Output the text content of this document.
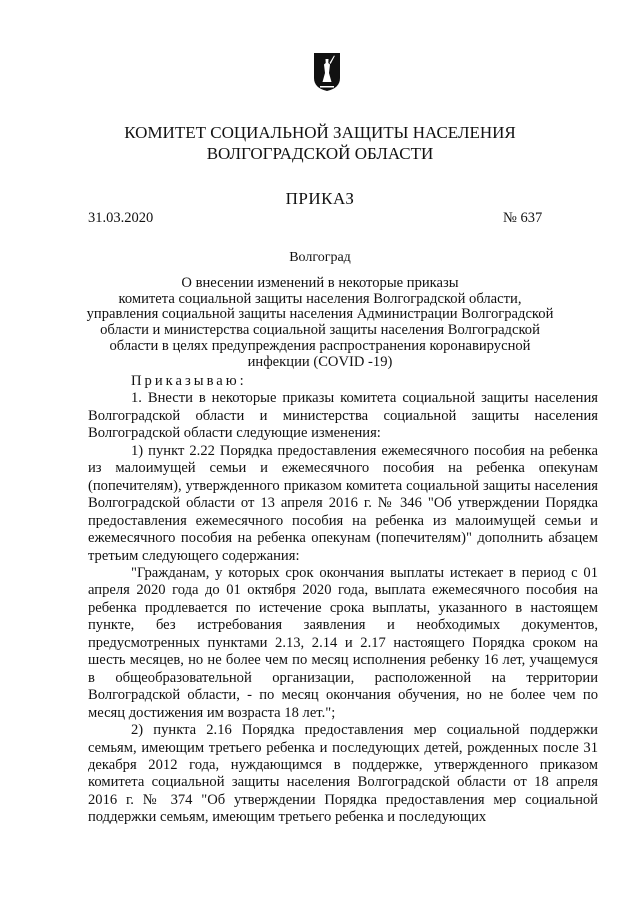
КОМИТЕТ СОЦИАЛЬНОЙ ЗАЩИТЫ НАСЕЛЕНИЯ
ВОЛГОГРАДСКОЙ ОБЛАСТИ
ПРИКАЗ
31.03.2020	№ 637
Волгоград
О внесении изменений в некоторые приказы
комитета социальной защиты населения Волгоградской области,
управления социальной защиты населения Администрации Волгоградской
области и министерства социальной защиты населения Волгоградской
области в целях предупреждения распространения коронавирусной
инфекции (COVID -19)

Приказываю:

1. Внести в некоторые приказы комитета социальной защиты населения Волгоградской области и министерства социальной защиты населения Волгоградской области следующие изменения:

1) пункт 2.22 Порядка предоставления ежемесячного пособия на ребенка из малоимущей семьи и ежемесячного пособия на ребенка опекунам (попечителям), утвержденного приказом комитета социальной защиты населения Волгоградской области от 13 апреля 2016 г. № 346 "Об утверждении Порядка предоставления ежемесячного пособия на ребенка из малоимущей семьи и ежемесячного пособия на ребенка опекунам (попечителям)" дополнить абзацем третьим следующего содержания:

"Гражданам, у которых срок окончания выплаты истекает в период с 01 апреля 2020 года до 01 октября 2020 года, выплата ежемесячного пособия на ребенка продлевается по истечение срока выплаты, указанного в настоящем пункте, без истребования заявления и необходимых документов, предусмотренных пунктами 2.13, 2.14 и 2.17 настоящего Порядка сроком на шесть месяцев, но не более чем по месяц исполнения ребенку 16 лет, учащемуся в общеобразовательной организации, расположенной на территории Волгоградской области, - по месяц окончания обучения, но не более чем по месяц достижения им возраста 18 лет.";

2) пункта 2.16 Порядка предоставления мер социальной поддержки семьям, имеющим третьего ребенка и последующих детей, рожденных после 31 декабря 2012 года, нуждающимся в поддержке, утвержденного приказом комитета социальной защиты населения Волгоградской области от 18 апреля 2016 г. № 374 "Об утверждении Порядка предоставления мер социальной поддержки семьям, имеющим третьего ребенка и последующих
